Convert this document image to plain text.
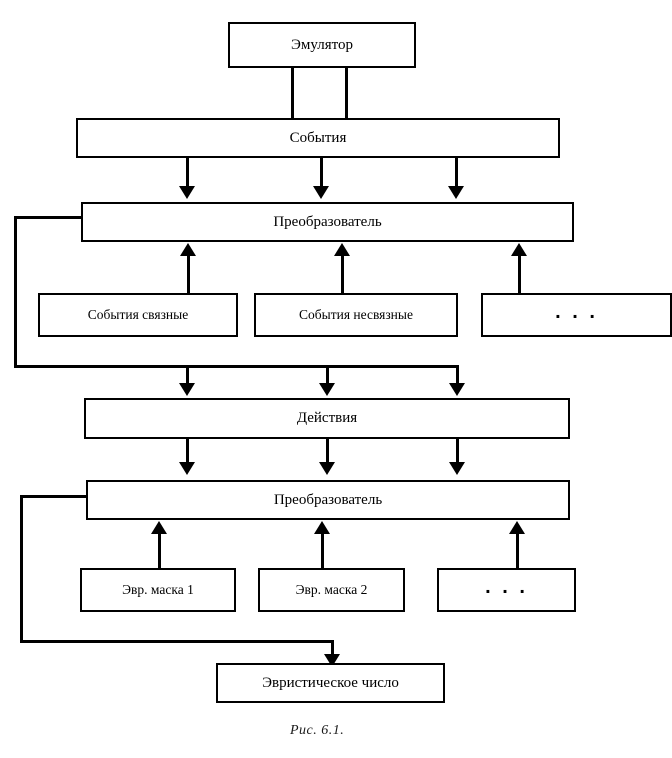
Эмулятор
События
Преобразователь
События связные	События несвязные	. . .
Действия
Преобразователь
Эвр. маска 1	Эвр. маска 2	. . .
Эвристическое число
Рис. 6.1.
